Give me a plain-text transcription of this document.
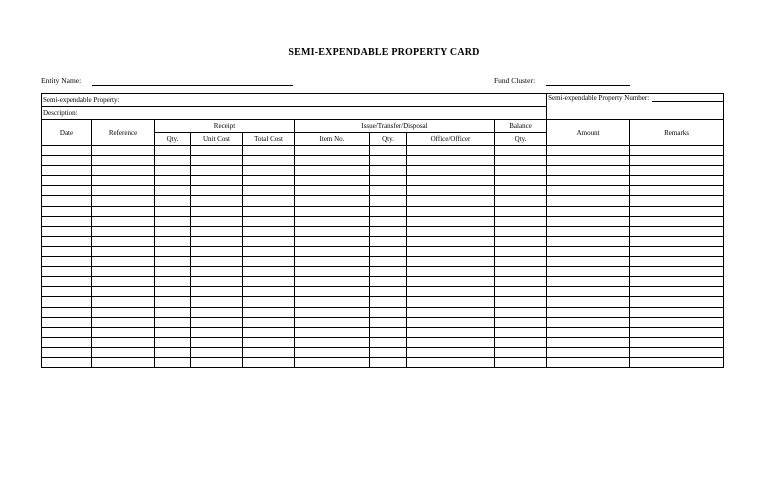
SEMI-EXPENDABLE PROPERTY CARD
Entity Name:	Fund Cluster:
Semi-expendable Property:									Semi-expendable Property Number:	
Description:										
Date	Reference	Receipt			Issue/Transfer/Disposal			Balance	Amount	Remarks
		Qty.	Unit Cost	Total Cost	Item No.	Qty.	Office/Officer	Qty.		
